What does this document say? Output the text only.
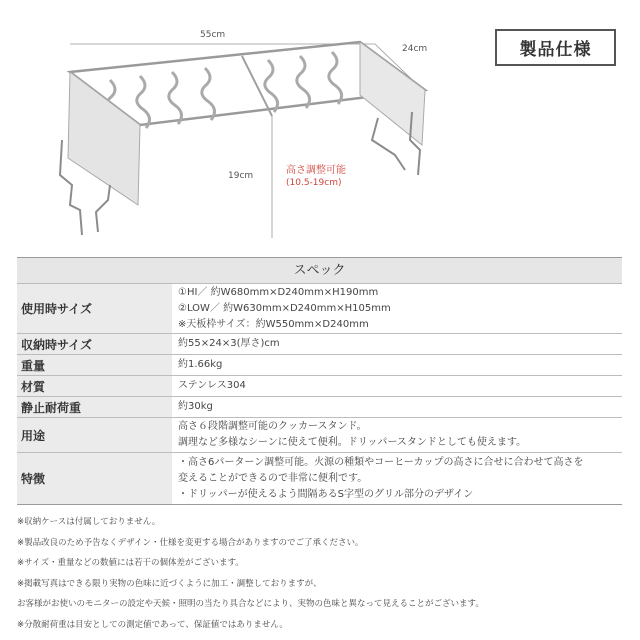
55cm
24cm
19cm	高さ調整可能
(10.5-19cm)
製品仕様
スペック
使用時サイズ	①HI／ 約W680mm×D240mm×H190mm
②LOW／ 約W630mm×D240mm×H105mm
※天板枠サイズ：約W550mm×D240mm

収納時サイズ	約55×24×3(厚さ)cm

重量	約1.66kg

材質	ステンレス304

静止耐荷重	約30kg

用途	高さ６段階調整可能のクッカースタンド。
調理など多様なシーンに使えて便利。ドリッパースタンドとしても使えます。

特徴	・高さ6パーターン調整可能。火源の種類やコーヒーカップの高さに合せに合わせて高さを
変えることができるので非常に便利です。
・ドリッパーが使えるよう間隔あるS字型のグリル部分のデザイン
※収納ケースは付属しておりません。
※製品改良のため予告なくデザイン・仕様を変更する場合がありますのでご了承ください。
※サイズ・重量などの数値には若干の個体差がございます。
※掲載写真はできる限り実物の色味に近づくように加工・調整しておりますが、
お客様がお使いのモニターの設定や天候・照明の当たり具合などにより、実物の色味と異なって見えることがございます。
※分散耐荷重は目安としての測定値であって、保証値ではありません。
